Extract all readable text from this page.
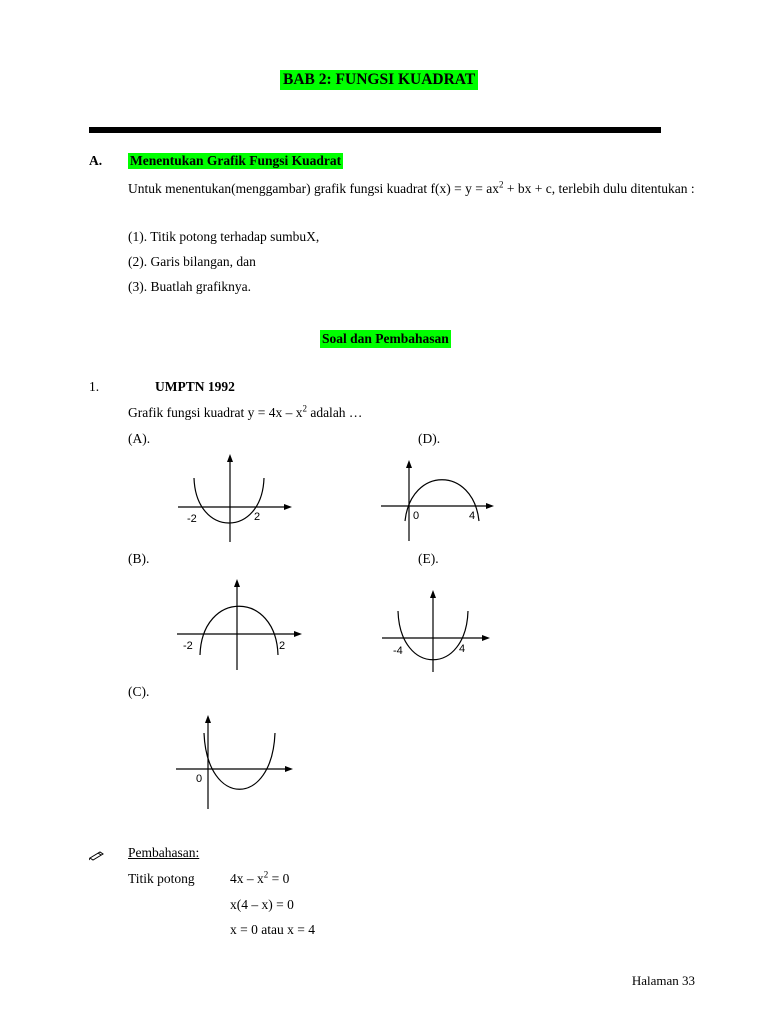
BAB 2: FUNGSI KUADRAT
A. Menentukan Grafik Fungsi Kuadrat
Untuk menentukan(menggambar) grafik fungsi kuadrat $f(x) = y = ax^2$ + bx + c, terlebih dulu ditentukan :
(1). Titik potong terhadap sumbuX,
(2). Garis bilangan, dan
(3). Buatlah grafiknya.
Soal dan Pembahasan
1.	UMPTN 1992
Grafik fungsi kuadrat $y = 4x - x^2$ adalah …
(A).	(D).
(B).	(E).
(C).
-2	2	0	4
-2	2	-4	4
0
Pembahasan:
Titik potong	$4x - x^2 = 0$
x(4 – x) = 0
x = 0 atau x = 4
Halaman 33
